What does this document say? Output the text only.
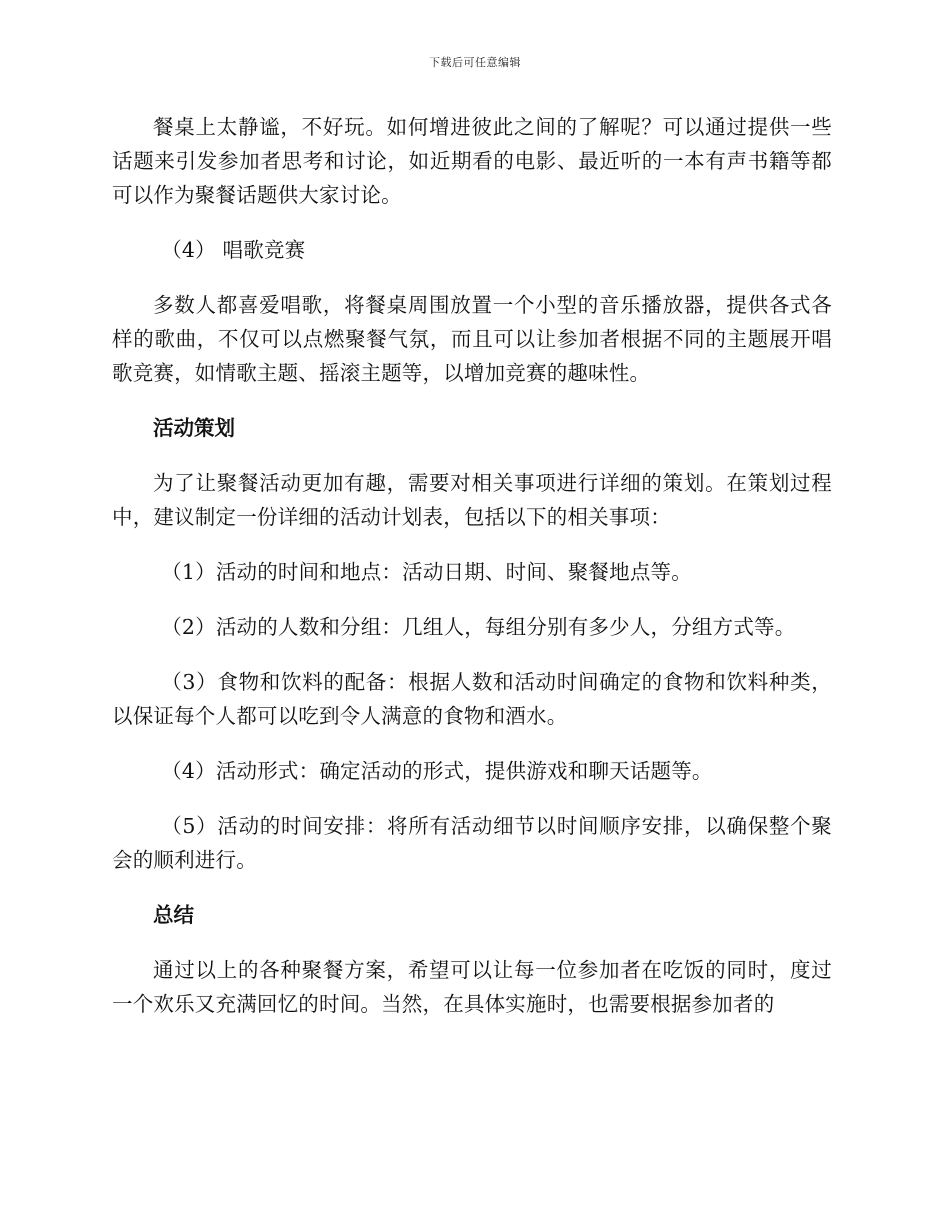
下载后可任意编辑

餐桌上太静谧，不好玩。如何增进彼此之间的了解呢？可以通过提供一些话题来引发参加者思考和讨论，如近期看的电影、最近听的一本有声书籍等都可以作为聚餐话题供大家讨论。

（4） 唱歌竞赛

多数人都喜爱唱歌，将餐桌周围放置一个小型的音乐播放器，提供各式各样的歌曲，不仅可以点燃聚餐气氛，而且可以让参加者根据不同的主题展开唱歌竞赛，如情歌主题、摇滚主题等，以增加竞赛的趣味性。

活动策划

为了让聚餐活动更加有趣，需要对相关事项进行详细的策划。在策划过程中，建议制定一份详细的活动计划表，包括以下的相关事项：

（1）活动的时间和地点：活动日期、时间、聚餐地点等。

（2）活动的人数和分组：几组人，每组分别有多少人，分组方式等。

（3）食物和饮料的配备：根据人数和活动时间确定的食物和饮料种类，以保证每个人都可以吃到令人满意的食物和酒水。

（4）活动形式：确定活动的形式，提供游戏和聊天话题等。

（5）活动的时间安排：将所有活动细节以时间顺序安排，以确保整个聚会的顺利进行。

总结

通过以上的各种聚餐方案，希望可以让每一位参加者在吃饭的同时，度过一个欢乐又充满回忆的时间。当然，在具体实施时，也需要根据参加者的
